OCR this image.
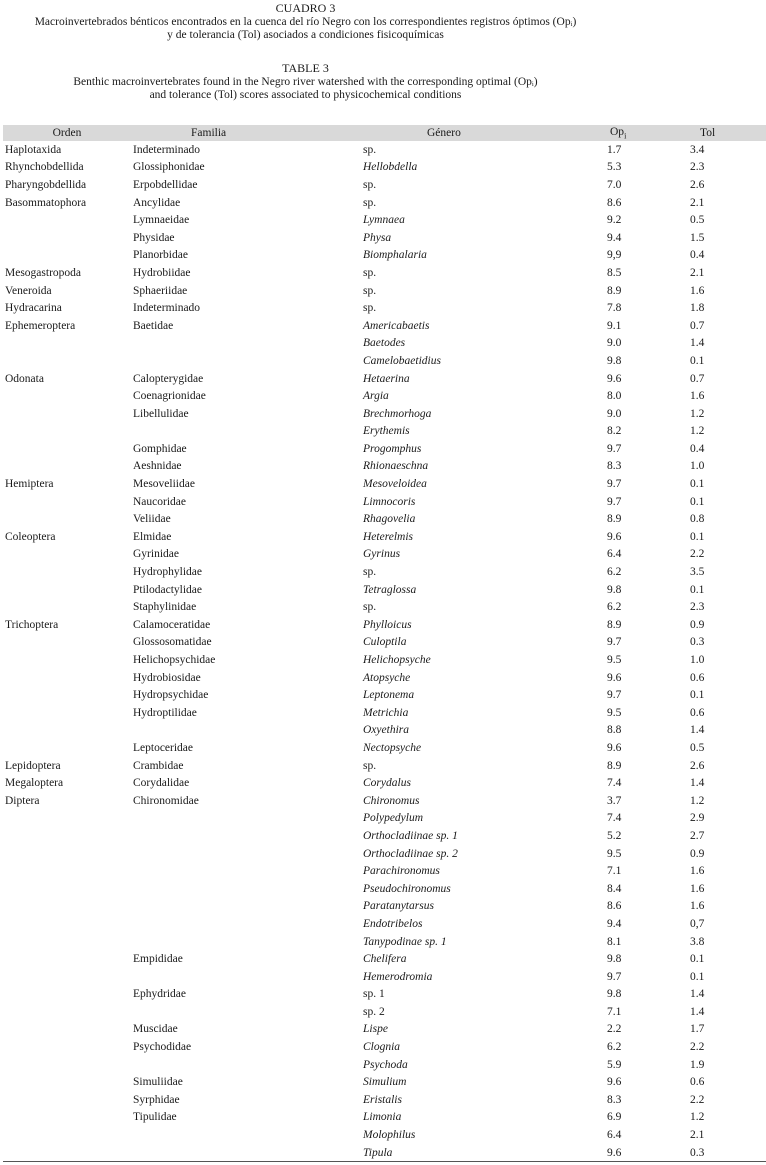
CUADRO 3
Macroinvertebrados bénticos encontrados en la cuenca del río Negro con los correspondientes registros óptimos (Opᵢ)
y de tolerancia (Tol) asociados a condiciones fisicoquímicas
TABLE 3
Benthic macroinvertebrates found in the Negro river watershed with the corresponding optimal (Opᵢ)
and tolerance (Tol) scores associated to physicochemical conditions
Orden	Familia	Género	$Op_i$	Tol
Haplotaxida	Indeterminado	sp.	1.7	3.4
Rhynchobdellida	Glossiphonidae	Hellobdella	5.3	2.3
Pharyngobdellida	Erpobdellidae	sp.	7.0	2.6
Basommatophora	Ancylidae	sp.	8.6	2.1
	Lymnaeidae	Lymnaea	9.2	0.5
	Physidae	Physa	9.4	1.5
	Planorbidae	Biomphalaria	9,9	0.4
Mesogastropoda	Hydrobiidae	sp.	8.5	2.1
Veneroida	Sphaeriidae	sp.	8.9	1.6
Hydracarina	Indeterminado	sp.	7.8	1.8
Ephemeroptera	Baetidae	Americabaetis	9.1	0.7
		Baetodes	9.0	1.4
		Camelobaetidius	9.8	0.1
Odonata	Calopterygidae	Hetaerina	9.6	0.7
	Coenagrionidae	Argia	8.0	1.6
	Libellulidae	Brechmorhoga	9.0	1.2
		Erythemis	8.2	1.2
	Gomphidae	Progomphus	9.7	0.4
	Aeshnidae	Rhionaeschna	8.3	1.0
Hemiptera	Mesoveliidae	Mesoveloidea	9.7	0.1
	Naucoridae	Limnocoris	9.7	0.1
	Veliidae	Rhagovelia	8.9	0.8
Coleoptera	Elmidae	Heterelmis	9.6	0.1
	Gyrinidae	Gyrinus	6.4	2.2
	Hydrophylidae	sp.	6.2	3.5
	Ptilodactylidae	Tetraglossa	9.8	0.1
	Staphylinidae	sp.	6.2	2.3
Trichoptera	Calamoceratidae	Phylloicus	8.9	0.9
	Glossosomatidae	Culoptila	9.7	0.3
	Helichopsychidae	Helichopsyche	9.5	1.0
	Hydrobiosidae	Atopsyche	9.6	0.6
	Hydropsychidae	Leptonema	9.7	0.1
	Hydroptilidae	Metrichia	9.5	0.6
		Oxyethira	8.8	1.4
	Leptoceridae	Nectopsyche	9.6	0.5
Lepidoptera	Crambidae	sp.	8.9	2.6
Megaloptera	Corydalidae	Corydalus	7.4	1.4
Diptera	Chironomidae	Chironomus	3.7	1.2
		Polypedylum	7.4	2.9
		Orthocladiinae sp. 1	5.2	2.7
		Orthocladiinae sp. 2	9.5	0.9
		Parachironomus	7.1	1.6
		Pseudochironomus	8.4	1.6
		Paratanytarsus	8.6	1.6
		Endotribelos	9.4	0,7
		Tanypodinae sp. 1	8.1	3.8
	Empididae	Chelifera	9.8	0.1
		Hemerodromia	9.7	0.1
	Ephydridae	sp. 1	9.8	1.4
		sp. 2	7.1	1.4
	Muscidae	Lispe	2.2	1.7
	Psychodidae	Clognia	6.2	2.2
		Psychoda	5.9	1.9
	Simuliidae	Simulium	9.6	0.6
	Syrphidae	Eristalis	8.3	2.2
	Tipulidae	Limonia	6.9	1.2
		Molophilus	6.4	2.1
		Tipula	9.6	0.3
